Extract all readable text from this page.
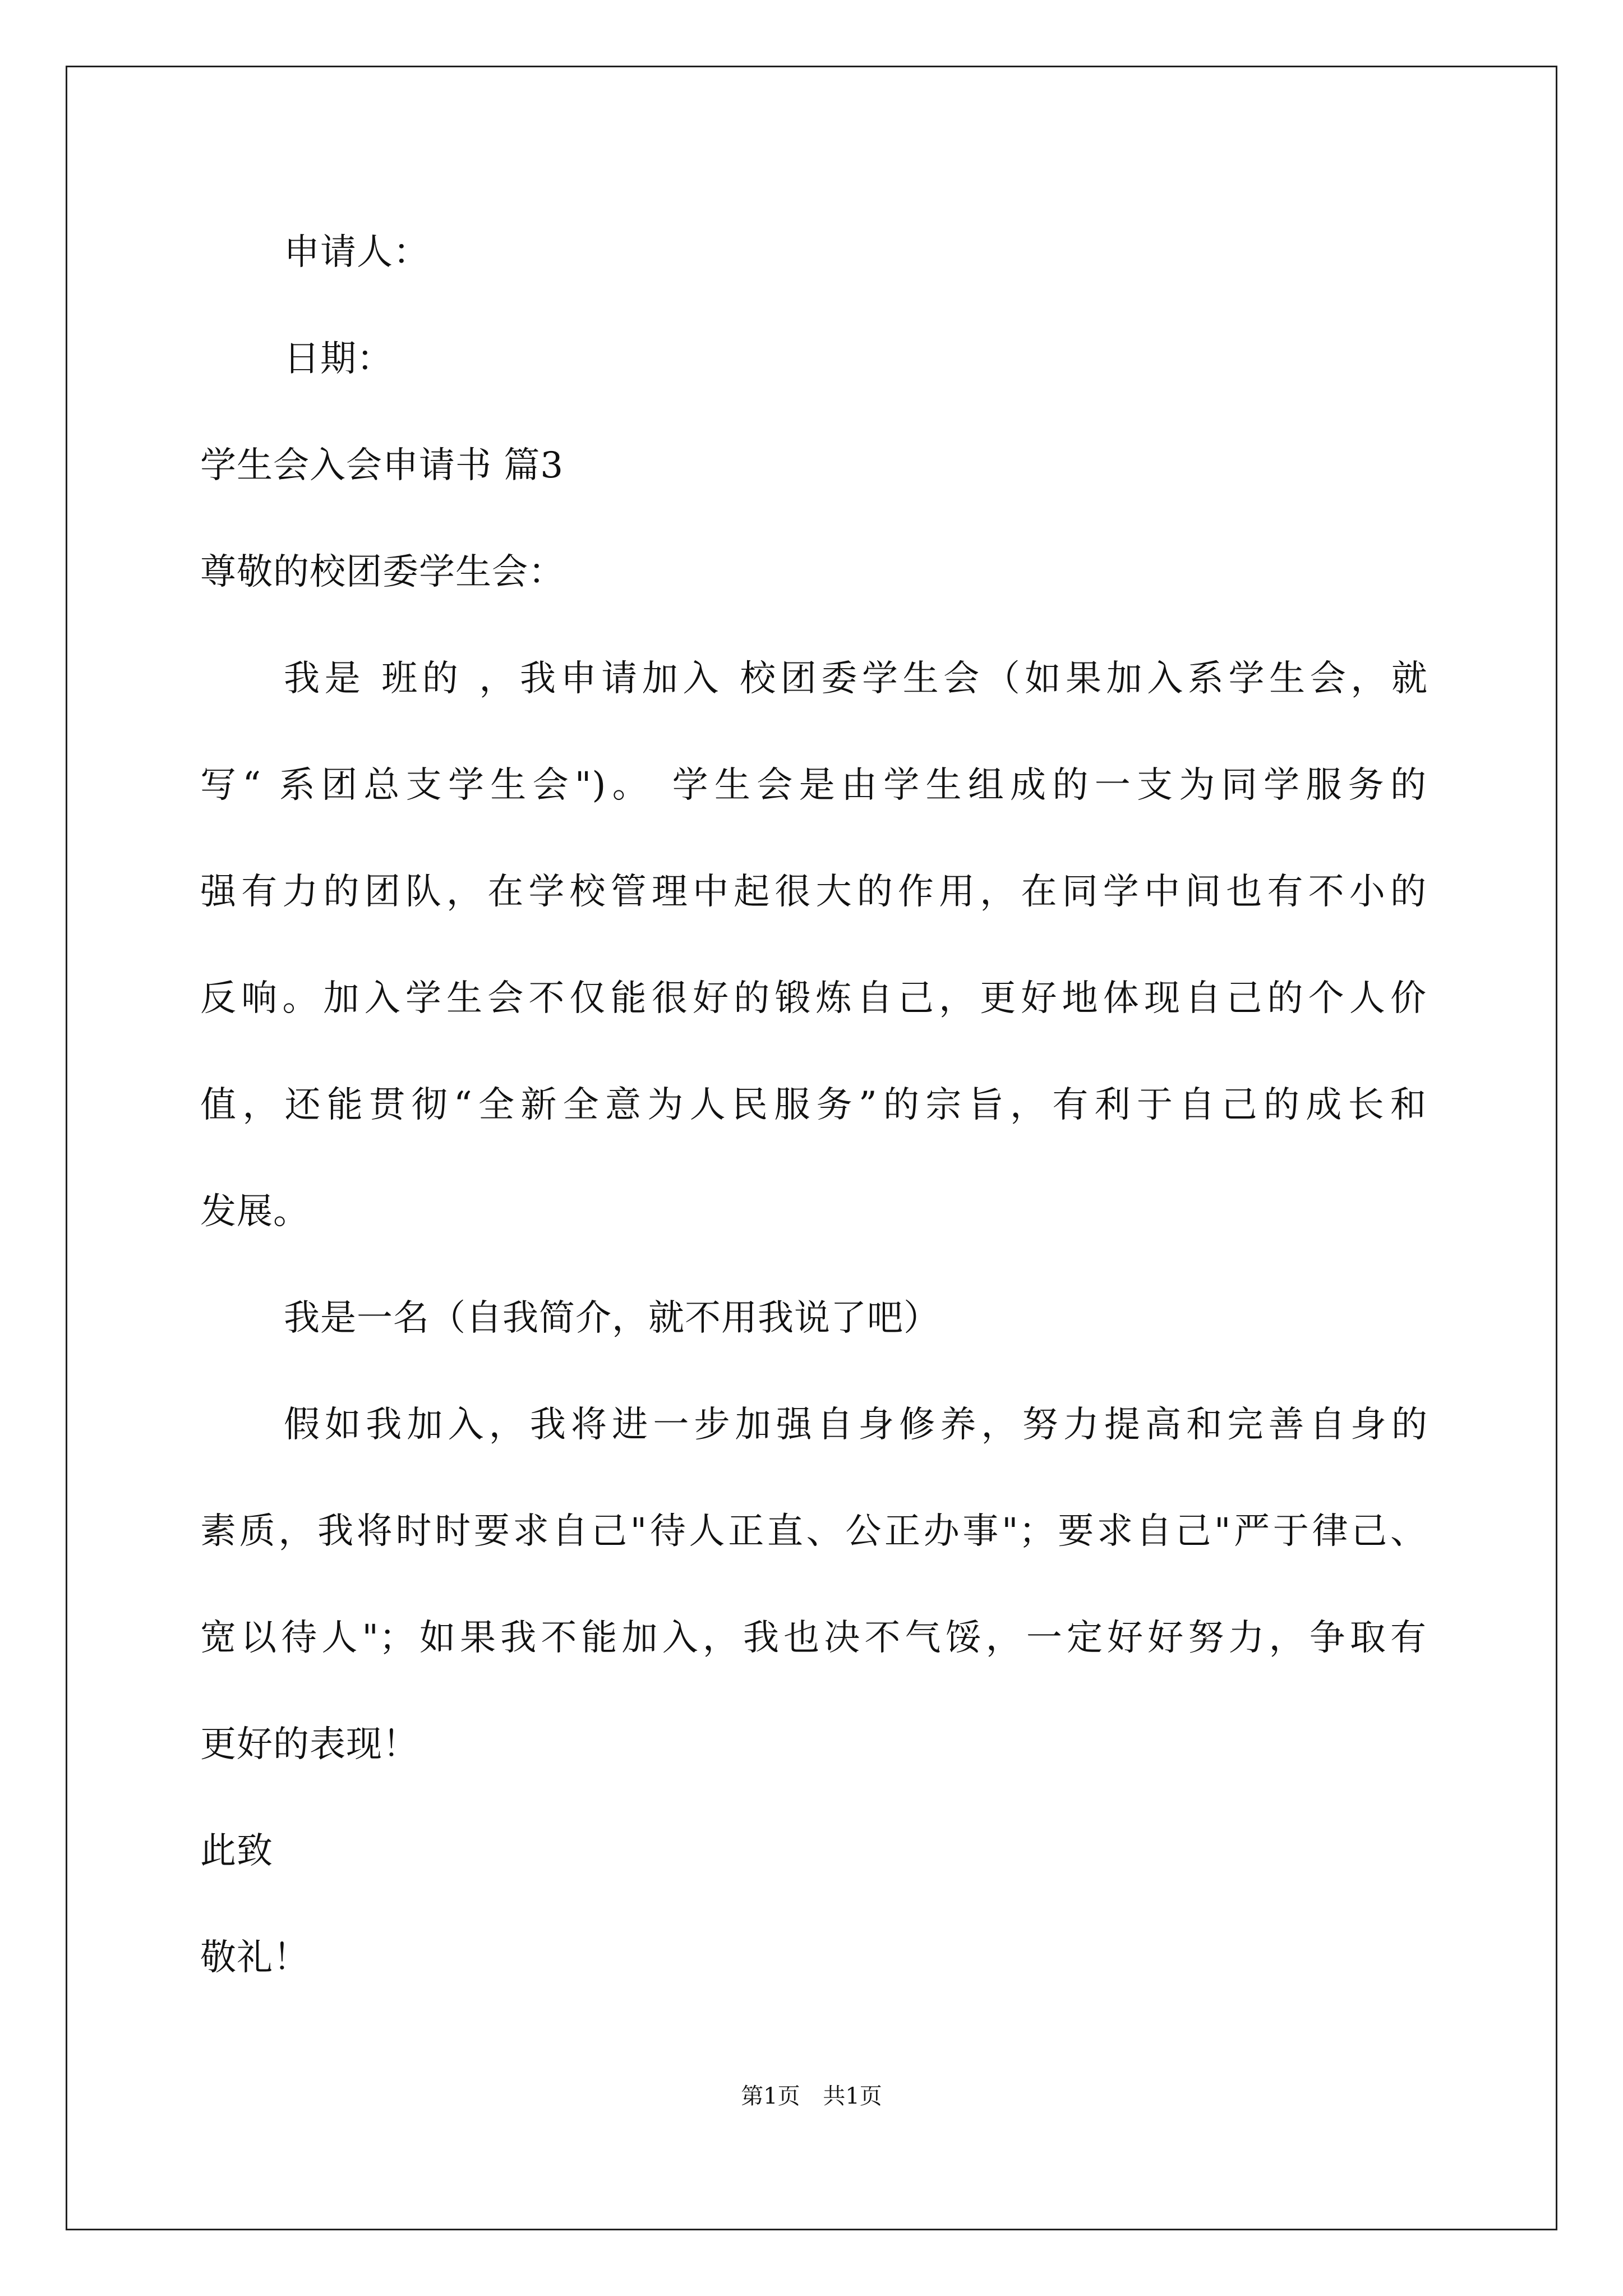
申请人：
日期：
学生会入会申请书 篇3
尊敬的校团委学生会：
我是 班的 ，我申请加入 校团委学生会（如果加入系学生会，就
写“ 系团总支学生会")。 学生会是由学生组成的一支为同学服务的
强有力的团队，在学校管理中起很大的作用，在同学中间也有不小的
反响。加入学生会不仅能很好的锻炼自己，更好地体现自己的个人价
值，还能贯彻“全新全意为人民服务”的宗旨，有利于自己的成长和
发展。
我是一名（自我简介，就不用我说了吧）
假如我加入，我将进一步加强自身修养，努力提高和完善自身的
素质，我将时时要求自己"待人正直、公正办事"；要求自己"严于律己、
宽以待人"；如果我不能加入，我也决不气馁，一定好好努力，争取有
更好的表现！
此致
敬礼！
第1页 共1页
